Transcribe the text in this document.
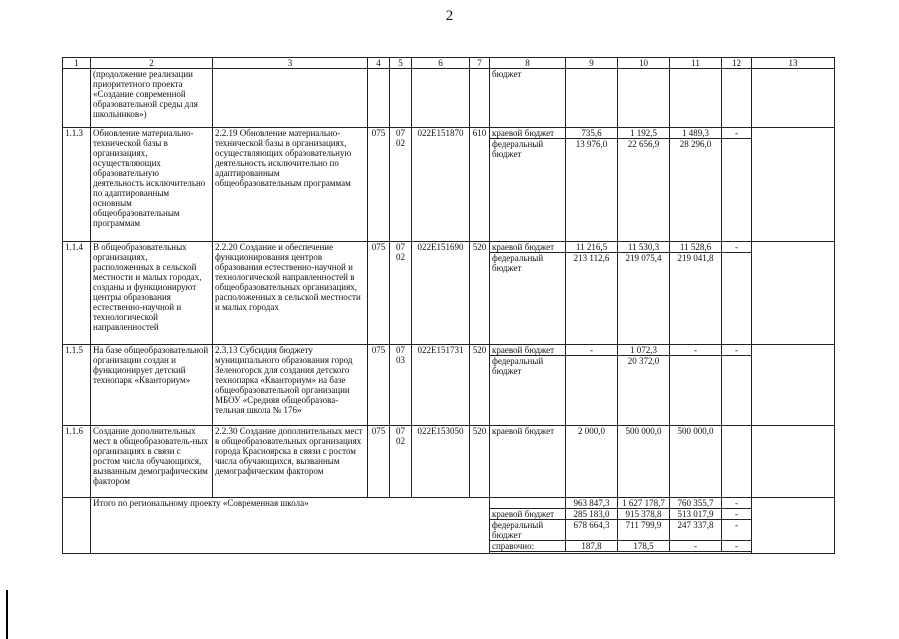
2
1	2	3	4	5	6	7	8	9	10	11	12	13
	(продолжение реализации приоритетного проекта «Создание современной образовательной среды для школьников»)						бюджет					
1.1.3	Обновление материально-технической базы в организациях, осуществляющих образовательную деятельность исключительно по адаптированным основным общеобразовательным программам	2.2.19 Обновление материально-технической базы в организациях, осуществляющих образовательную деятельность исключительно по адаптированным общеобразовательным программам	075	07 02	022E151870	610	краевой бюджет	735,6	1 192,5	1 489,3	-	
							федеральный бюджет	13 976,0	22 656,9	28 296,0		
1.1.4	В общеобразовательных организациях, расположенных в сельской местности и малых городах, созданы и функционируют центры образования естественно-научной и технологической направленностей	2.2.20 Создание и обеспечение функционирования центров образования естественно-научной и технологической направленностей в общеобразовательных организациях, расположенных в сельской местности и малых городах	075	07 02	022E151690	520	краевой бюджет	11 216,5	11 530,3	11 528,6	-	
							федеральный бюджет	213 112,6	219 075,4	219 041,8		
1.1.5	На базе общеобразовательной организации создан и функционирует детский технопарк «Кванториум»	2.3.13 Субсидия бюджету муниципального образования город Зеленогорск для создания детского технопарка «Кванториум» на базе общеобразовательной организации МБОУ «Средняя общеобразова-тельная школа № 176»	075	07 03	022E151731	520	краевой бюджет	-	1 072,3	-	-	
							федеральный бюджет		20 372,0			
1.1.6	Создание дополнительных мест в общеобразователь-ных организациях в связи с ростом числа обучающихся, вызванным демографическим фактором	2.2.30 Создание дополнительных мест в общеобразовательных организациях города Красноярска в связи с ростом числа обучающихся, вызванным демографическим фактором	075	07 02	022E153050	520	краевой бюджет	2 000,0	500 000,0	500 000,0		
	Итого по региональному проекту «Современная школа»							963 847,3	1 627 178,7	760 355,7	-	
							краевой бюджет	285 183,0	915 378,8	513 017,9	-	
							федеральный бюджет	678 664,3	711 799,9	247 337,8	-	
							справочно:	187,8	178,5	-	-	
